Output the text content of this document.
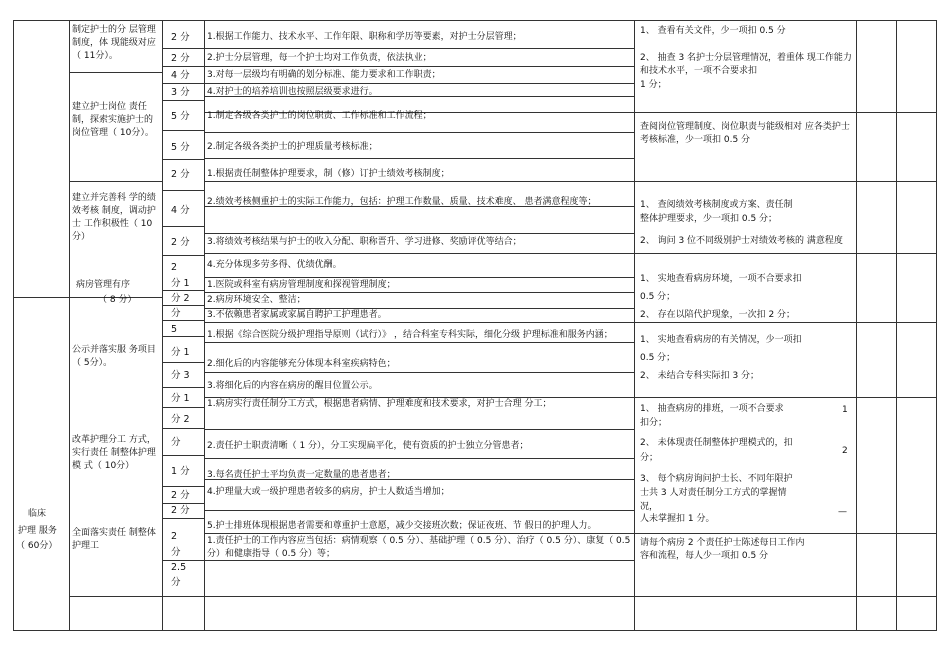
临床
护理 服务
（ 60分）
制定护士的分 层管理制度，体 现能级对应（ 11分）。
建立护士岗位 责任制，探索实施护士的岗位管理（ 10分）。
建立并完善科 学的绩效考核 制度，调动护士 工作积极性（ 10分）
病房管理有序
（ 8 分）
公示并落实服 务项目（ 5分）。
改革护理分工 方式，实行责任 制整体护理模 式（ 10分）
全面落实责任 制整体护理工
2 分
2 分
4 分
3 分
5 分
5 分
2 分
4 分
2 分
2
分 1
分 2
分
5
分 1
分 3
分 1
分 2
分
1 分
2 分
2 分
2
分
2.5
分
1.根据工作能力、技术水平、工作年限、职称和学历等要素，对护士分层管理；
2.护士分层管理，每一个护士均对工作负责，依法执业；
3.对每一层级均有明确的划分标准、能力要求和工作职责；
4.对护士的培养培训也按照层级要求进行。
1.制定各级各类护士的岗位职责、工作标准和工作流程；
2.制定各级各类护士的护理质量考核标准；
1.根据责任制整体护理要求，制（修）订护士绩效考核制度；
2.绩效考核侧重护士的实际工作能力，包括：护理工作数量、质量、技术难度、 患者满意程度等；
3.将绩效考核结果与护士的收入分配、职称晋升、学习进修、奖励评优等结合；
4.充分体现多劳多得、优绩优酬。
1.医院或科室有病房管理制度和探视管理制度；
2.病房环境安全、整洁；
3.不依赖患者家属或家属自聘护工护理患者。
1.根据《综合医院分级护理指导原则（试行）》 ，结合科室专科实际，细化分级 护理标准和服务内涵；
2.细化后的内容能够充分体现本科室疾病特色；
3.将细化后的内容在病房的醒目位置公示。
1.病房实行责任制分工方式，根据患者病情、护理难度和技术要求，对护士合理 分工；
2.责任护士职责清晰（ 1 分），分工实现扁平化，使有资质的护士独立分管患者；
3.每名责任护士平均负责一定数量的患者患者；
4.护理量大或一级护理患者较多的病房，护士人数适当增加；
5.护士排班体现根据患者需要和尊重护士意愿，减少交接班次数；保证夜班、节 假日的护理人力。
1.责任护士的工作内容应当包括：病情观察（ 0.5 分）、基础护理（ 0.5 分）、治疗（ 0.5 分）、康复（ 0.5 分）和健康指导（ 0.5 分）等；
1、 查看有关文件，少一项扣 0.5 分
2、 抽查 3 名护士分层管理情况，着重体 现工作能力和技术水平，一项不合要求扣
1 分；
查阅岗位管理制度、岗位职责与能级相对 应各类护士考核标准，少一项扣 0.5 分
1、 查阅绩效考核制度或方案、责任制
整体护理要求，少一项扣 0.5 分；
2、 询问 3 位不同级别护士对绩效考核的 满意程度
1、 实地查看病房环境，一项不合要求扣
0.5 分；
2、 存在以陪代护现象，一次扣 2 分；
1、 实地查看病房的有关情况，少一项扣
0.5 分；
2、 未结合专科实际扣 3 分；
1、 抽查病房的排班，一项不合要求
扣分；
2、 未体现责任制整体护理模式的，扣
分；
3、 每个病房询问护士长、不同年限护
士共 3 人对责任制分工方式的掌握情
况，
人未掌握扣 1 分。
请每个病房 2 个责任护士陈述每日工作内
容和流程，每人少一项扣 0.5 分
1
2
—
